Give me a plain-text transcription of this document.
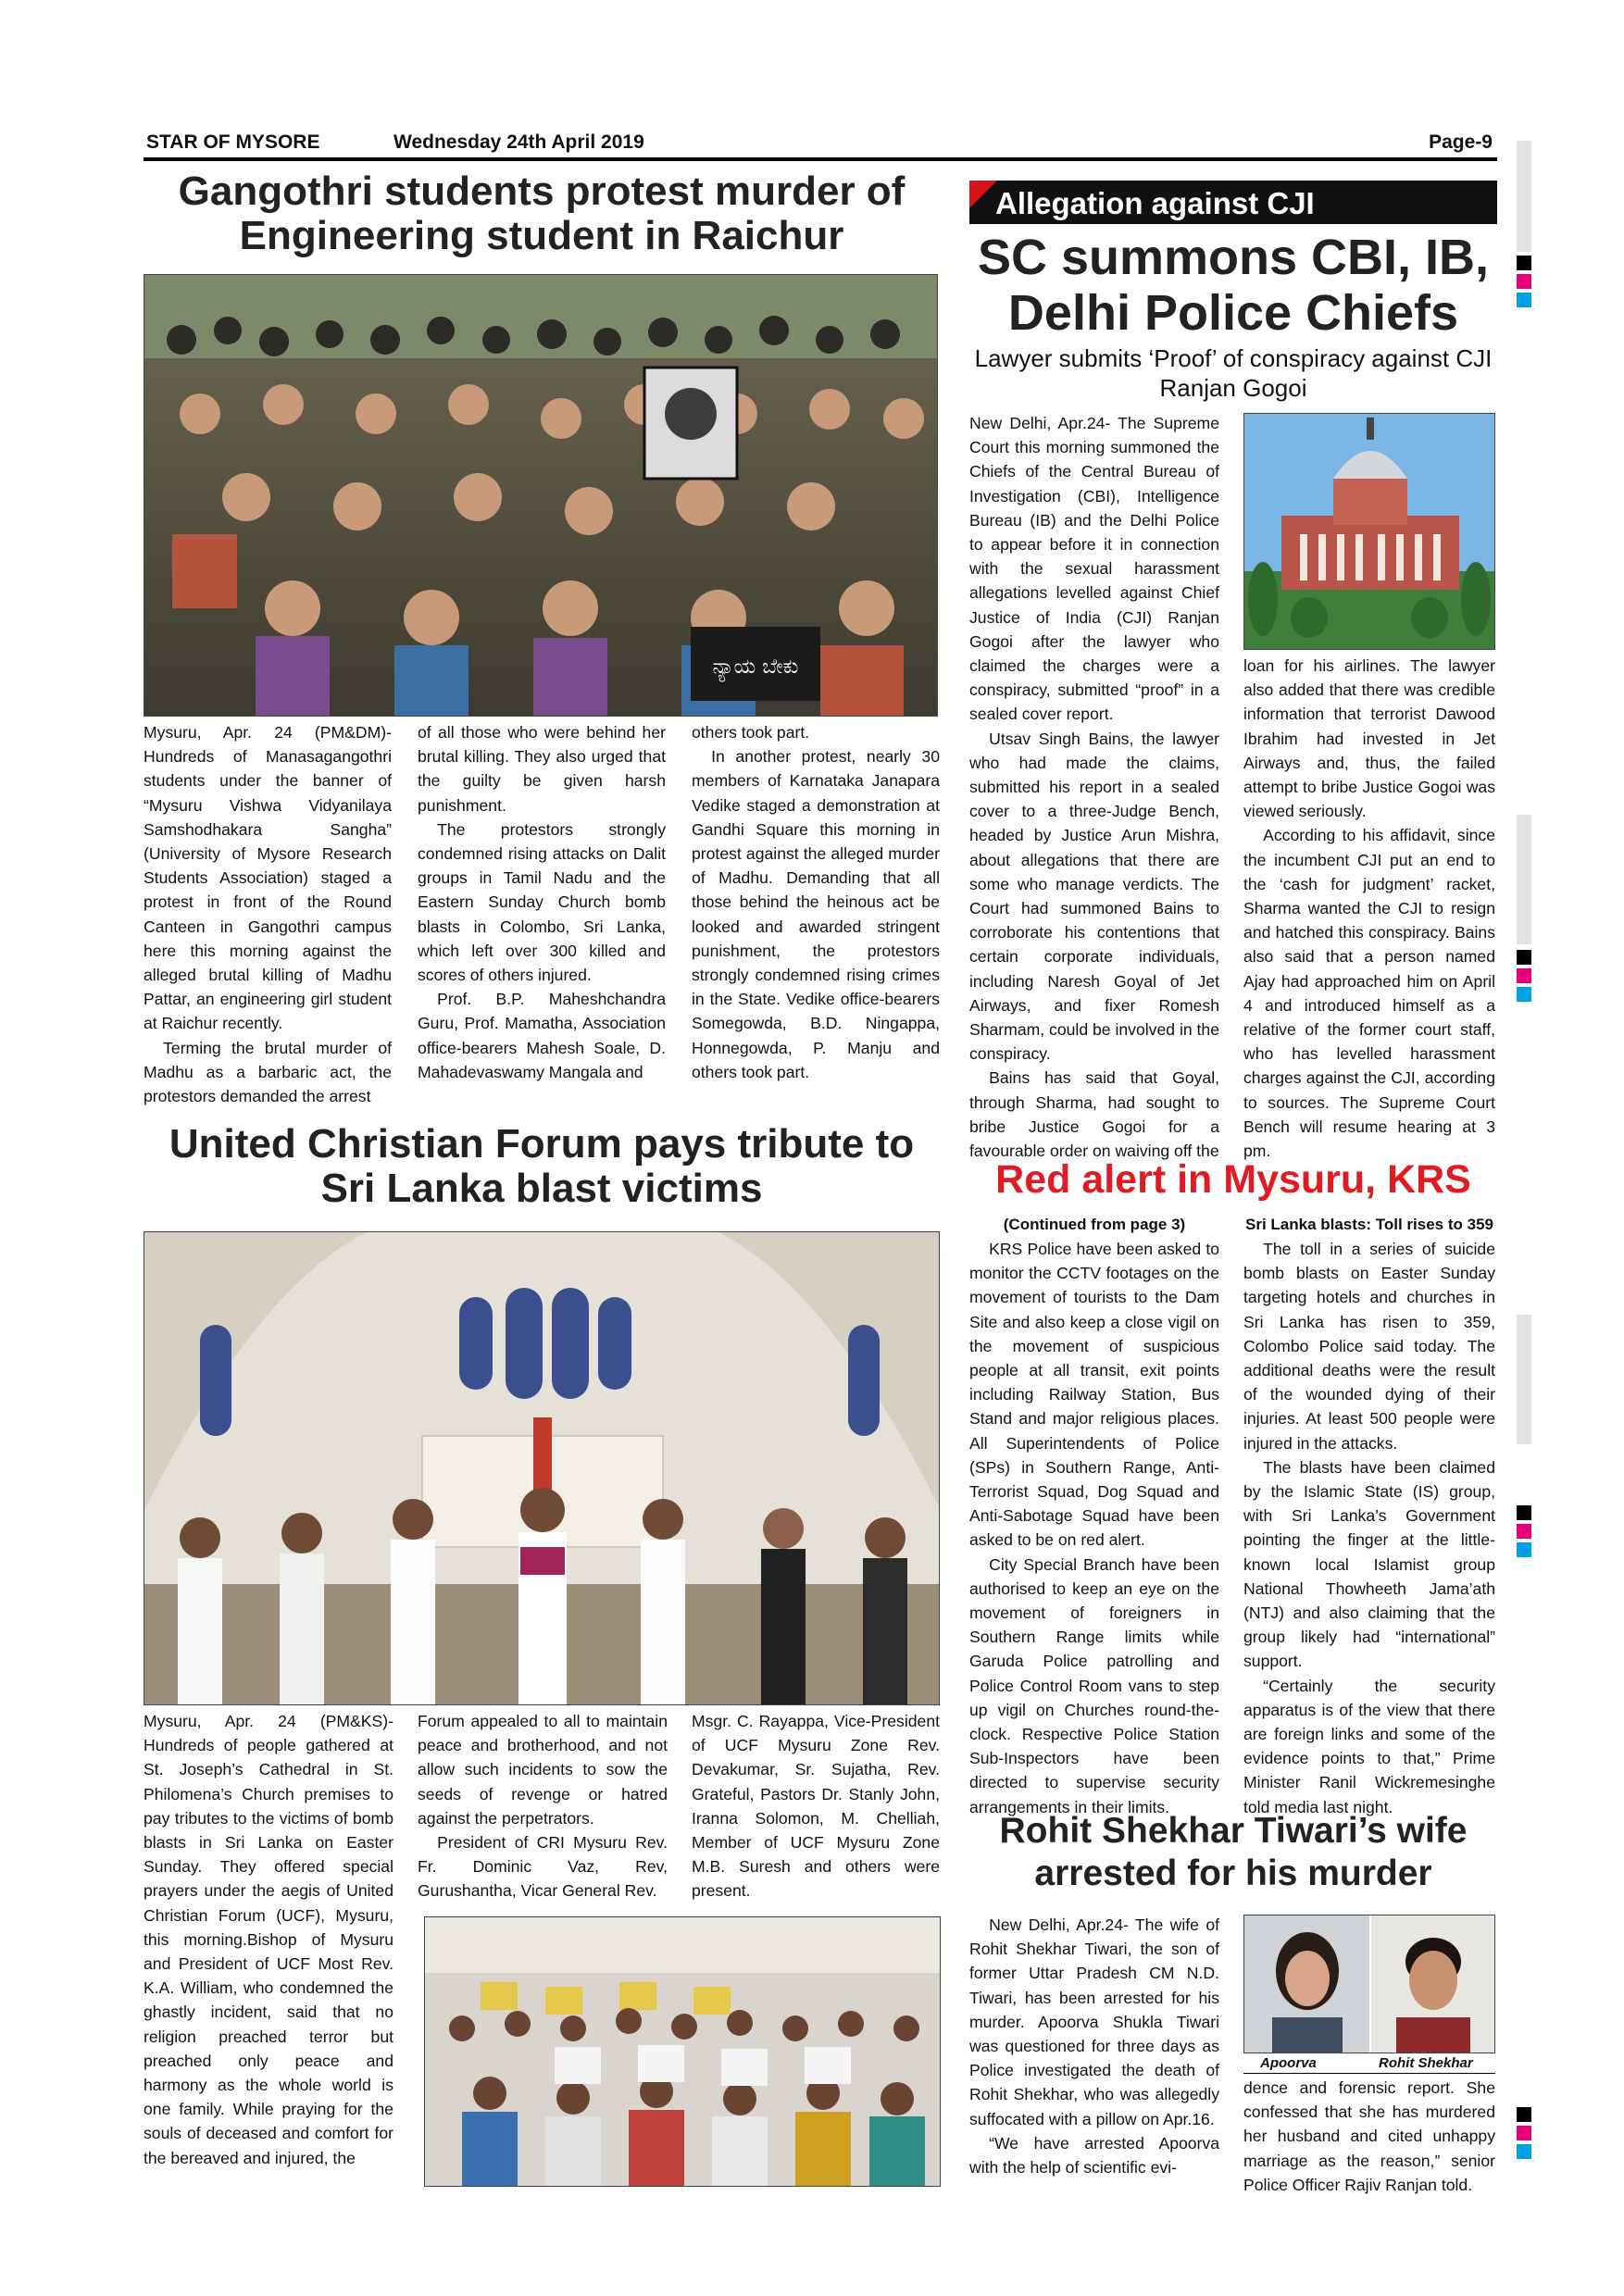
STAR OF MYSORE	Wednesday 24th April 2019	Page-9
Gangothri students protest murder of Engineering student in Raichur
ನ್ಯಾಯ ಬೇಕು

Mysuru, Apr. 24 (PM&DM)- Hundreds of Manasagangothri students under the banner of “Mysuru Vishwa Vidyanilaya Samshodhakara Sangha” (University of Mysore Research Students Association) staged a protest in front of the Round Canteen in Gangothri campus here this morning against the alleged brutal killing of Madhu Pattar, an engineering girl student at Raichur recently.

Terming the brutal murder of Madhu as a barbaric act, the protestors demanded the arrest

of all those who were behind her brutal killing. They also urged that the guilty be given harsh punishment.

The protestors strongly condemned rising attacks on Dalit groups in Tamil Nadu and the Eastern Sunday Church bomb blasts in Colombo, Sri Lanka, which left over 300 killed and scores of others injured.

Prof. B.P. Maheshchandra Guru, Prof. Mamatha, Association office-bearers Mahesh Soale, D. Mahadevaswamy Mangala and

others took part.

In another protest, nearly 30 members of Karnataka Janapara Vedike staged a demonstration at Gandhi Square this morning in protest against the alleged murder of Madhu. Demanding that all those behind the heinous act be looked and awarded stringent punishment, the protestors strongly condemned rising crimes in the State. Vedike office-bearers Somegowda, B.D. Ningappa, Honnegowda, P. Manju and others took part.

Allegation against CJI
SC summons CBI, IB, Delhi Police Chiefs
Lawyer submits ‘Proof’ of conspiracy against CJI Ranjan Gogoi

New Delhi, Apr.24- The Supreme Court this morning summoned the Chiefs of the Central Bureau of Investigation (CBI), Intelligence Bureau (IB) and the Delhi Police to appear before it in connection with the sexual harassment allegations levelled against Chief Justice of India (CJI) Ranjan Gogoi after the lawyer who claimed the charges were a conspiracy, submitted “proof” in a sealed cover report.

Utsav Singh Bains, the lawyer who had made the claims, submitted his report in a sealed cover to a three-Judge Bench, headed by Justice Arun Mishra, about allegations that there are some who manage verdicts. The Court had summoned Bains to corroborate his contentions that certain corporate individuals, including Naresh Goyal of Jet Airways, and fixer Romesh Sharmam, could be involved in the conspiracy.

Bains has said that Goyal, through Sharma, had sought to bribe Justice Gogoi for a favourable order on waiving off the

loan for his airlines. The lawyer also added that there was credible information that terrorist Dawood Ibrahim had invested in Jet Airways and, thus, the failed attempt to bribe Justice Gogoi was viewed seriously.

According to his affidavit, since the incumbent CJI put an end to the ‘cash for judgment’ racket, Sharma wanted the CJI to resign and hatched this conspiracy. Bains also said that a person named Ajay had approached him on April 4 and introduced himself as a relative of the former court staff, who has levelled harassment charges against the CJI, according to sources. The Supreme Court Bench will resume hearing at 3 pm.

United Christian Forum pays tribute to Sri Lanka blast victims

Mysuru, Apr. 24 (PM&KS)- Hundreds of people gathered at St. Joseph’s Cathedral in St. Philomena’s Church premises to pay tributes to the victims of bomb blasts in Sri Lanka on Easter Sunday. They offered special prayers under the aegis of United Christian Forum (UCF), Mysuru, this morning.Bishop of Mysuru and President of UCF Most Rev. K.A. William, who condemned the ghastly incident, said that no religion preached terror but preached only peace and harmony as the whole world is one family. While praying for the souls of deceased and comfort for the bereaved and injured, the

Forum appealed to all to maintain peace and brotherhood, and not allow such incidents to sow the seeds of revenge or hatred against the perpetrators.

President of CRI Mysuru Rev. Fr. Dominic Vaz, Rev, Gurushantha, Vicar General Rev.

Msgr. C. Rayappa, Vice-President of UCF Mysuru Zone Rev. Devakumar, Sr. Sujatha, Rev. Grateful, Pastors Dr. Stanly John, Iranna Solomon, M. Chelliah, Member of UCF Mysuru Zone M.B. Suresh and others were present.

Red alert in Mysuru, KRS
(Continued from page 3)

KRS Police have been asked to monitor the CCTV footages on the movement of tourists to the Dam Site and also keep a close vigil on the movement of suspicious people at all transit, exit points including Railway Station, Bus Stand and major religious places. All Superintendents of Police (SPs) in Southern Range, Anti-Terrorist Squad, Dog Squad and Anti-Sabotage Squad have been asked to be on red alert.

City Special Branch have been authorised to keep an eye on the movement of foreigners in Southern Range limits while Garuda Police patrolling and Police Control Room vans to step up vigil on Churches round-the-clock. Respective Police Station Sub-Inspectors have been directed to supervise security arrangements in their limits.

Sri Lanka blasts: Toll rises to 359

The toll in a series of suicide bomb blasts on Easter Sunday targeting hotels and churches in Sri Lanka has risen to 359, Colombo Police said today. The additional deaths were the result of the wounded dying of their injuries. At least 500 people were injured in the attacks.

The blasts have been claimed by the Islamic State (IS) group, with Sri Lanka’s Government pointing the finger at the little-known local Islamist group National Thowheeth Jama’ath (NTJ) and also claiming that the group likely had “international” support.

“Certainly the security apparatus is of the view that there are foreign links and some of the evidence points to that,” Prime Minister Ranil Wickremesinghe told media last night.

Rohit Shekhar Tiwari’s wife arrested for his murder

New Delhi, Apr.24- The wife of Rohit Shekhar Tiwari, the son of former Uttar Pradesh CM N.D. Tiwari, has been arrested for his murder. Apoorva Shukla Tiwari was questioned for three days as Police investigated the death of Rohit Shekhar, who was allegedly suffocated with a pillow on Apr.16.

“We have arrested Apoorva with the help of scientific evi-

Apoorva	Rohit Shekhar

dence and forensic report. She confessed that she has murdered her husband and cited unhappy marriage as the reason,” senior Police Officer Rajiv Ranjan told.
